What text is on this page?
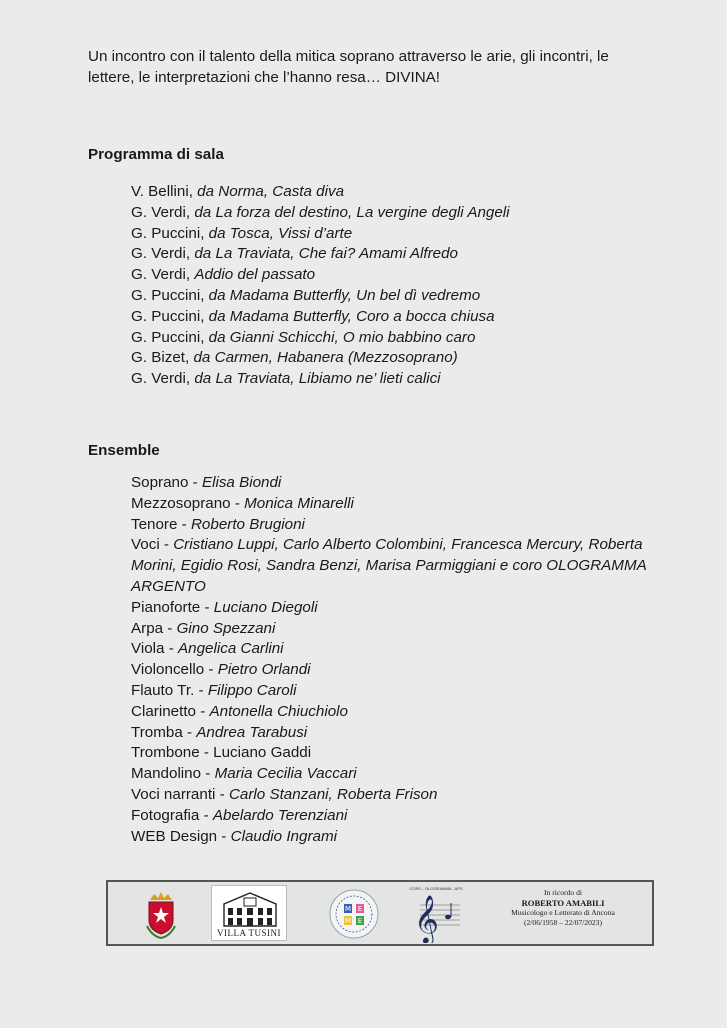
Un incontro con il talento della mitica soprano attraverso le arie, gli incontri, le lettere, le interpretazioni che l’hanno resa… DIVINA!
Programma di sala
V. Bellini, da Norma, Casta diva
G. Verdi, da La forza del destino, La vergine degli Angeli
G. Puccini, da Tosca, Vissi d’arte
G. Verdi, da La Traviata, Che fai? Amami Alfredo
G. Verdi, Addio del passato
G. Puccini, da Madama Butterfly, Un bel dì vedremo
G. Puccini, da Madama Butterfly, Coro a bocca chiusa
G. Puccini, da Gianni Schicchi, O mio babbino caro
G. Bizet, da Carmen, Habanera (Mezzosoprano)
G. Verdi, da La Traviata, Libiamo ne’ lieti calici
Ensemble
Soprano - Elisa Biondi
Mezzosoprano - Monica Minarelli
Tenore - Roberto Brugioni
Voci - Cristiano Luppi, Carlo Alberto Colombini, Francesca Mercury, Roberta Morini, Egidio Rosi, Sandra Benzi, Marisa Parmiggiani e coro OLOGRAMMA ARGENTO
Pianoforte - Luciano Diegoli
Arpa - Gino Spezzani
Viola - Angelica Carlini
Violoncello - Pietro Orlandi
Flauto Tr. - Filippo Caroli
Clarinetto - Antonella Chiuchiolo
Tromba - Andrea Tarabusi
Trombone - Luciano Gaddi
Mandolino - Maria Cecilia Vaccari
Voci narranti - Carlo Stanzani, Roberta Frison
Fotografia - Abelardo Terenziani
WEB Design - Claudio Ingrami
VILLA TUSINI
M E
M E
CORO - OLOGRAMMA - APS
𝄞
In ricordo di
ROBERTO AMABILI
Musicologo e Letterato di Ancona
(2/06/1958 – 22/07/2023)
